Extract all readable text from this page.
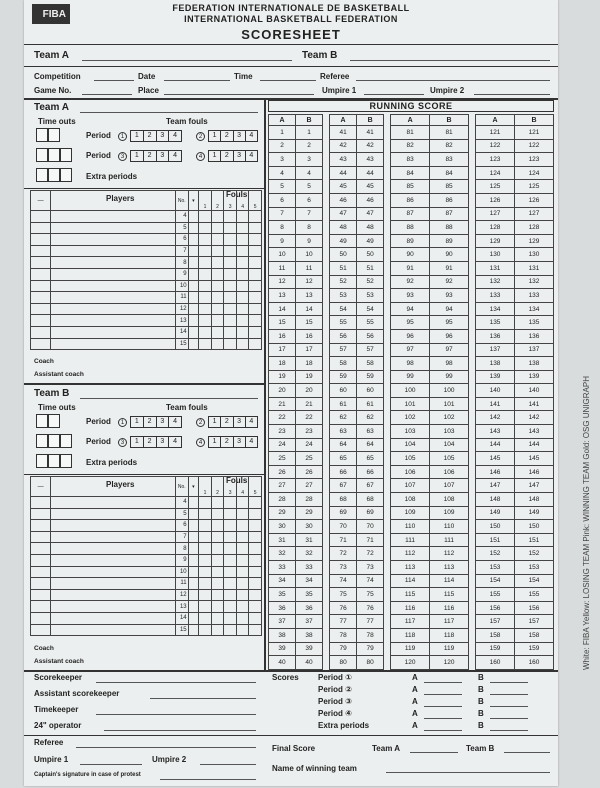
FIBA
FEDERATION INTERNATIONALE DE BASKETBALL
INTERNATIONAL BASKETBALL FEDERATION
SCORESHEET
Team A	Team B
Competition	Date	Time	Referee
Game No.	Place	Umpire 1	Umpire 2
Team A
Time outs	Team fouls
Period	1	1	2	3	4	2	1	2	3	4
Period	3	1	2	3	4	4	1	2	3	4
Extra periods
Players	Fouls
—		No.	▾	1	2	3	4	5
		4						
		5						
		6						
		7						
		8						
		9						
		10						
		11						
		12						
		13						
		14						
		15						
Coach
Assistant coach
Team B
Time outs	Team fouls
Period	1	1	2	3	4	2	1	2	3	4
Period	3	1	2	3	4	4	1	2	3	4
Extra periods
Players	Fouls
—		No.	▾	1	2	3	4	5
		4						
		5						
		6						
		7						
		8						
		9						
		10						
		11						
		12						
		13						
		14						
		15						
Coach
Assistant coach
RUNNING SCORE
A	B		A	B		A	B		A	B
1	1		41	41		81	81		121	121
2	2		42	42		82	82		122	122
3	3		43	43		83	83		123	123
4	4		44	44		84	84		124	124
5	5		45	45		85	85		125	125
6	6		46	46		86	86		126	126
7	7		47	47		87	87		127	127
8	8		48	48		88	88		128	128
9	9		49	49		89	89		129	129
10	10		50	50		90	90		130	130
11	11		51	51		91	91		131	131
12	12		52	52		92	92		132	132
13	13		53	53		93	93		133	133
14	14		54	54		94	94		134	134
15	15		55	55		95	95		135	135
16	16		56	56		96	96		136	136
17	17		57	57		97	97		137	137
18	18		58	58		98	98		138	138
19	19		59	59		99	99		139	139
20	20		60	60		100	100		140	140
21	21		61	61		101	101		141	141
22	22		62	62		102	102		142	142
23	23		63	63		103	103		143	143
24	24		64	64		104	104		144	144
25	25		65	65		105	105		145	145
26	26		66	66		106	106		146	146
27	27		67	67		107	107		147	147
28	28		68	68		108	108		148	148
29	29		69	69		109	109		149	149
30	30		70	70		110	110		150	150
31	31		71	71		111	111		151	151
32	32		72	72		112	112		152	152
33	33		73	73		113	113		153	153
34	34		74	74		114	114		154	154
35	35		75	75		115	115		155	155
36	36		76	76		116	116		156	156
37	37		77	77		117	117		157	157
38	38		78	78		118	118		158	158
39	39		79	79		119	119		159	159
40	40		80	80		120	120		160	160
Scorekeeper
Assistant scorekeeper
Timekeeper
24" operator
Referee
Umpire 1	Umpire 2
Captain's signature in case of protest
Scores Period ①	A	B
Period ②	A	B
Period ③	A	B
Period ④	A	B
Extra periods	A	B
Final Score	Team A	Team B
Name of winning team
White: FIBA Yellow: LOSING TEAM Pink: WINNING TEAM Gold: OSG UNIGRAPH
